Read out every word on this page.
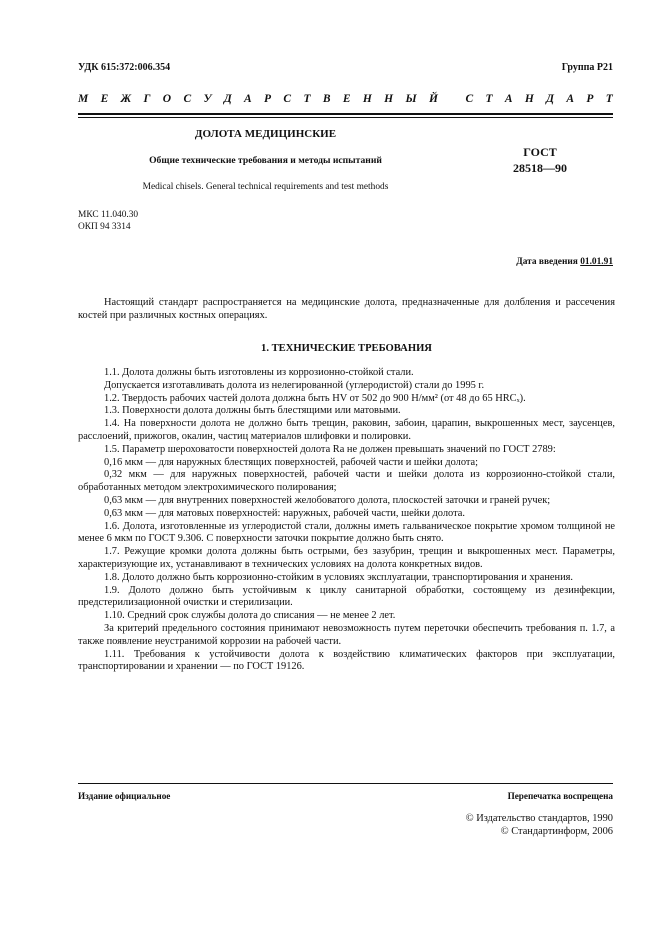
УДК 615:372:006.354	Группа Р21
М Е Ж Г О С У Д А Р С Т В Е Н Н Ы Й
С Т А Н Д А Р Т
ДОЛОТА МЕДИЦИНСКИЕ
Общие технические требования и методы испытаний
Medical chisels. General technical requirements and test methods
ГОСТ
28518—90
МКС 11.040.30
ОКП 94 3314
Дата введения 01.01.91

Настоящий стандарт распространяется на медицинские долота, предназначенные для долбления и рассечения костей при различных костных операциях.

1. ТЕХНИЧЕСКИЕ ТРЕБОВАНИЯ

1.1. Долота должны быть изготовлены из коррозионно-стойкой стали.

Допускается изготавливать долота из нелегированной (углеродистой) стали до 1995 г.

1.2. Твердость рабочих частей долота должна быть HV от 502 до 900 Н/мм² (от 48 до 65 HRCₓ).

1.3. Поверхности долота должны быть блестящими или матовыми.

1.4. На поверхности долота не должно быть трещин, раковин, забоин, царапин, выкрошенных мест, заусенцев, расслоений, прижогов, окалин, частиц материалов шлифовки и полировки.

1.5. Параметр шероховатости поверхностей долота Ra не должен превышать значений по ГОСТ 2789:

0,16 мкм — для наружных блестящих поверхностей, рабочей части и шейки долота;

0,32 мкм — для наружных поверхностей, рабочей части и шейки долота из коррозионно-стойкой стали, обработанных методом электрохимического полирования;

0,63 мкм — для внутренних поверхностей желобоватого долота, плоскостей заточки и граней ручек;

0,63 мкм — для матовых поверхностей: наружных, рабочей части, шейки долота.

1.6. Долота, изготовленные из углеродистой стали, должны иметь гальваническое покрытие хромом толщиной не менее 6 мкм по ГОСТ 9.306. С поверхности заточки покрытие должно быть снято.

1.7. Режущие кромки долота должны быть острыми, без зазубрин, трещин и выкрошенных мест. Параметры, характеризующие их, устанавливают в технических условиях на долота конкретных видов.

1.8. Долото должно быть коррозионно-стойким в условиях эксплуатации, транспортирования и хранения.

1.9. Долото должно быть устойчивым к циклу санитарной обработки, состоящему из дезинфекции, предстерилизационной очистки и стерилизации.

1.10. Средний срок службы долота до списания — не менее 2 лет.

За критерий предельного состояния принимают невозможность путем переточки обеспечить требования п. 1.7, а также появление неустранимой коррозии на рабочей части.

1.11. Требования к устойчивости долота к воздействию климатических факторов при эксплуатации, транспортировании и хранении — по ГОСТ 19126.

Издание официальное	Перепечатка воспрещена
© Издательство стандартов, 1990
© Стандартинформ, 2006
